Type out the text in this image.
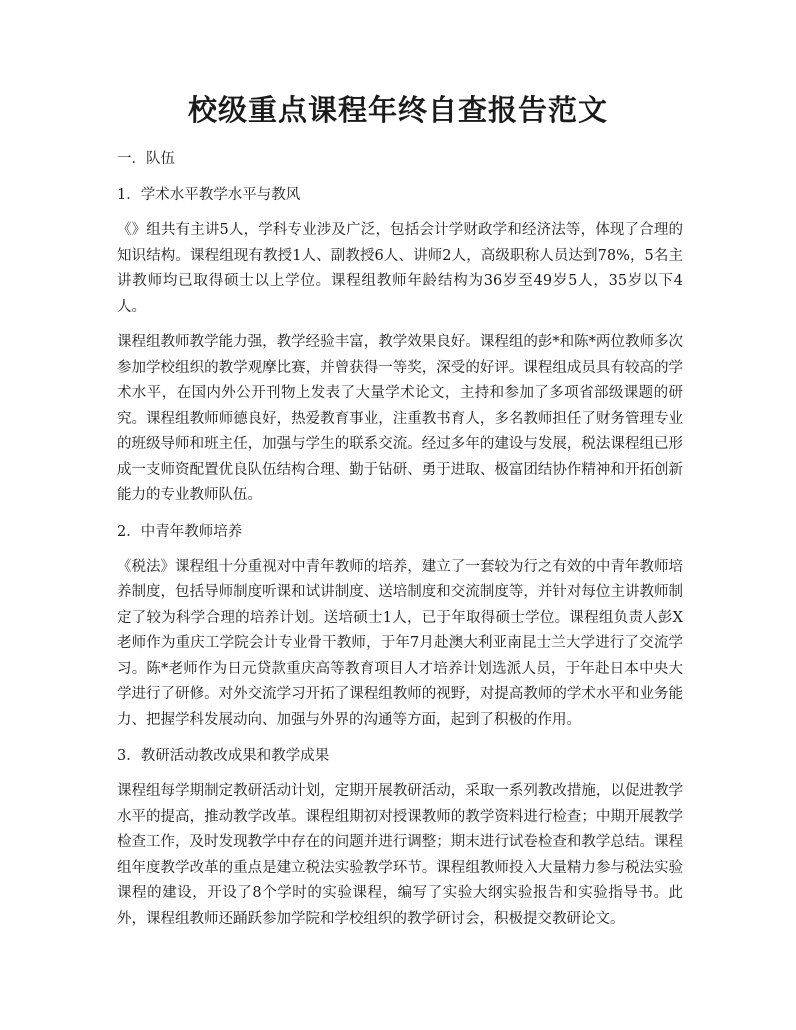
校级重点课程年终自查报告范文

一．队伍

1．学术水平教学水平与教风

《》组共有主讲5人，学科专业涉及广泛，包括会计学财政学和经济法等，体现了合理的知识结构。课程组现有教授1人、副教授6人、讲师2人，高级职称人员达到78%，5名主讲教师均已取得硕士以上学位。课程组教师年龄结构为36岁至49岁5人，35岁以下4人。

课程组教师教学能力强，教学经验丰富，教学效果良好。课程组的彭*和陈*两位教师多次参加学校组织的教学观摩比赛，并曾获得一等奖，深受的好评。课程组成员具有较高的学术水平，在国内外公开刊物上发表了大量学术论文，主持和参加了多项省部级课题的研究。课程组教师师德良好，热爱教育事业，注重教书育人，多名教师担任了财务管理专业的班级导师和班主任，加强与学生的联系交流。经过多年的建设与发展，税法课程组已形成一支师资配置优良队伍结构合理、勤于钻研、勇于进取、极富团结协作精神和开拓创新能力的专业教师队伍。

2．中青年教师培养

《税法》课程组十分重视对中青年教师的培养，建立了一套较为行之有效的中青年教师培养制度，包括导师制度听课和试讲制度、送培制度和交流制度等，并针对每位主讲教师制定了较为科学合理的培养计划。送培硕士1人，已于年取得硕士学位。课程组负责人彭X老师作为重庆工学院会计专业骨干教师，于年7月赴澳大利亚南昆士兰大学进行了交流学习。陈*老师作为日元贷款重庆高等教育项目人才培养计划选派人员，于年赴日本中央大学进行了研修。对外交流学习开拓了课程组教师的视野，对提高教师的学术水平和业务能力、把握学科发展动向、加强与外界的沟通等方面，起到了积极的作用。

3．教研活动教改成果和教学成果

课程组每学期制定教研活动计划，定期开展教研活动，采取一系列教改措施，以促进教学水平的提高，推动教学改革。课程组期初对授课教师的教学资料进行检查；中期开展教学检查工作，及时发现教学中存在的问题并进行调整；期末进行试卷检查和教学总结。课程组年度教学改革的重点是建立税法实验教学环节。课程组教师投入大量精力参与税法实验课程的建设，开设了8个学时的实验课程，编写了实验大纲实验报告和实验指导书。此外，课程组教师还踊跃参加学院和学校组织的教学研讨会，积极提交教研论文。
